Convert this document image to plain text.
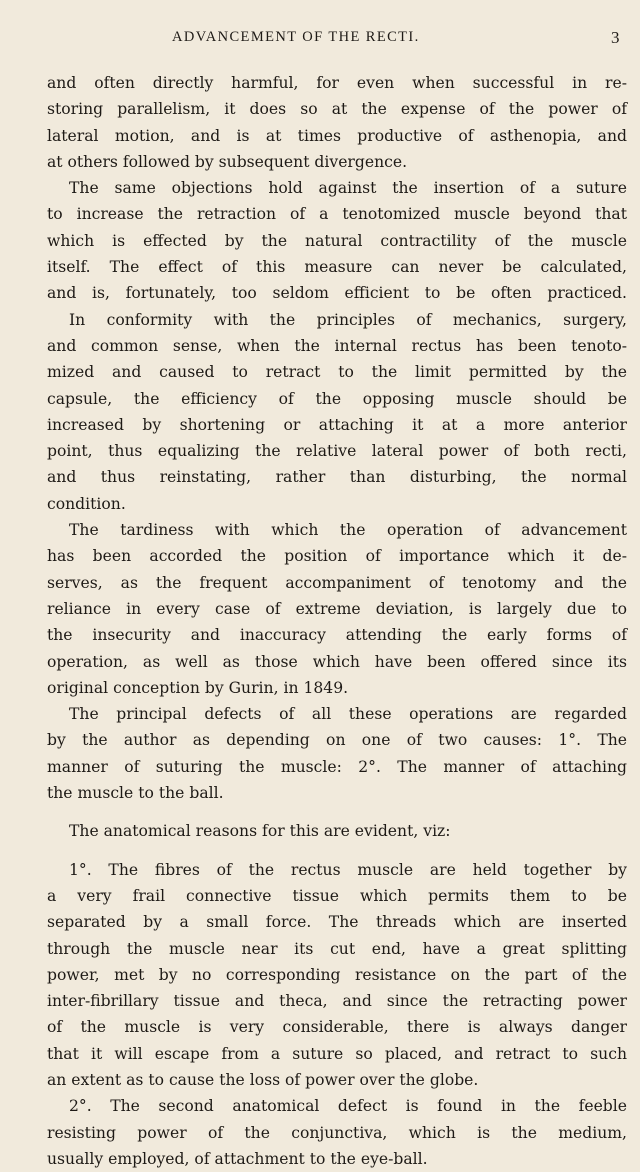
ADVANCEMENT OF THE RECTI.	3
and often directly harmful, for even when successful in re-
storing parallelism, it does so at the expense of the power of
lateral motion, and is at times productive of asthenopia, and
at others followed by subsequent divergence.
The same objections hold against the insertion of a suture
to increase the retraction of a tenotomized muscle beyond that
which is effected by the natural contractility of the muscle
itself. The effect of this measure can never be calculated,
and is, fortunately, too seldom efficient to be often practiced.
In conformity with the principles of mechanics, surgery,
and common sense, when the internal rectus has been tenoto-
mized and caused to retract to the limit permitted by the
capsule, the efficiency of the opposing muscle should be
increased by shortening or attaching it at a more anterior
point, thus equalizing the relative lateral power of both recti,
and thus reinstating, rather than disturbing, the normal
condition.
The tardiness with which the operation of advancement
has been accorded the position of importance which it de-
serves, as the frequent accompaniment of tenotomy and the
reliance in every case of extreme deviation, is largely due to
the insecurity and inaccuracy attending the early forms of
operation, as well as those which have been offered since its
original conception by Gurin, in 1849.
The principal defects of all these operations are regarded
by the author as depending on one of two causes: 1°. The
manner of suturing the muscle: 2°. The manner of attaching
the muscle to the ball.
The anatomical reasons for this are evident, viz:
1°. The fibres of the rectus muscle are held together by
a very frail connective tissue which permits them to be
separated by a small force. The threads which are inserted
through the muscle near its cut end, have a great splitting
power, met by no corresponding resistance on the part of the
inter-fibrillary tissue and theca, and since the retracting power
of the muscle is very considerable, there is always danger
that it will escape from a suture so placed, and retract to such
an extent as to cause the loss of power over the globe.
2°. The second anatomical defect is found in the feeble
resisting power of the conjunctiva, which is the medium,
usually employed, of attachment to the eye-ball.
